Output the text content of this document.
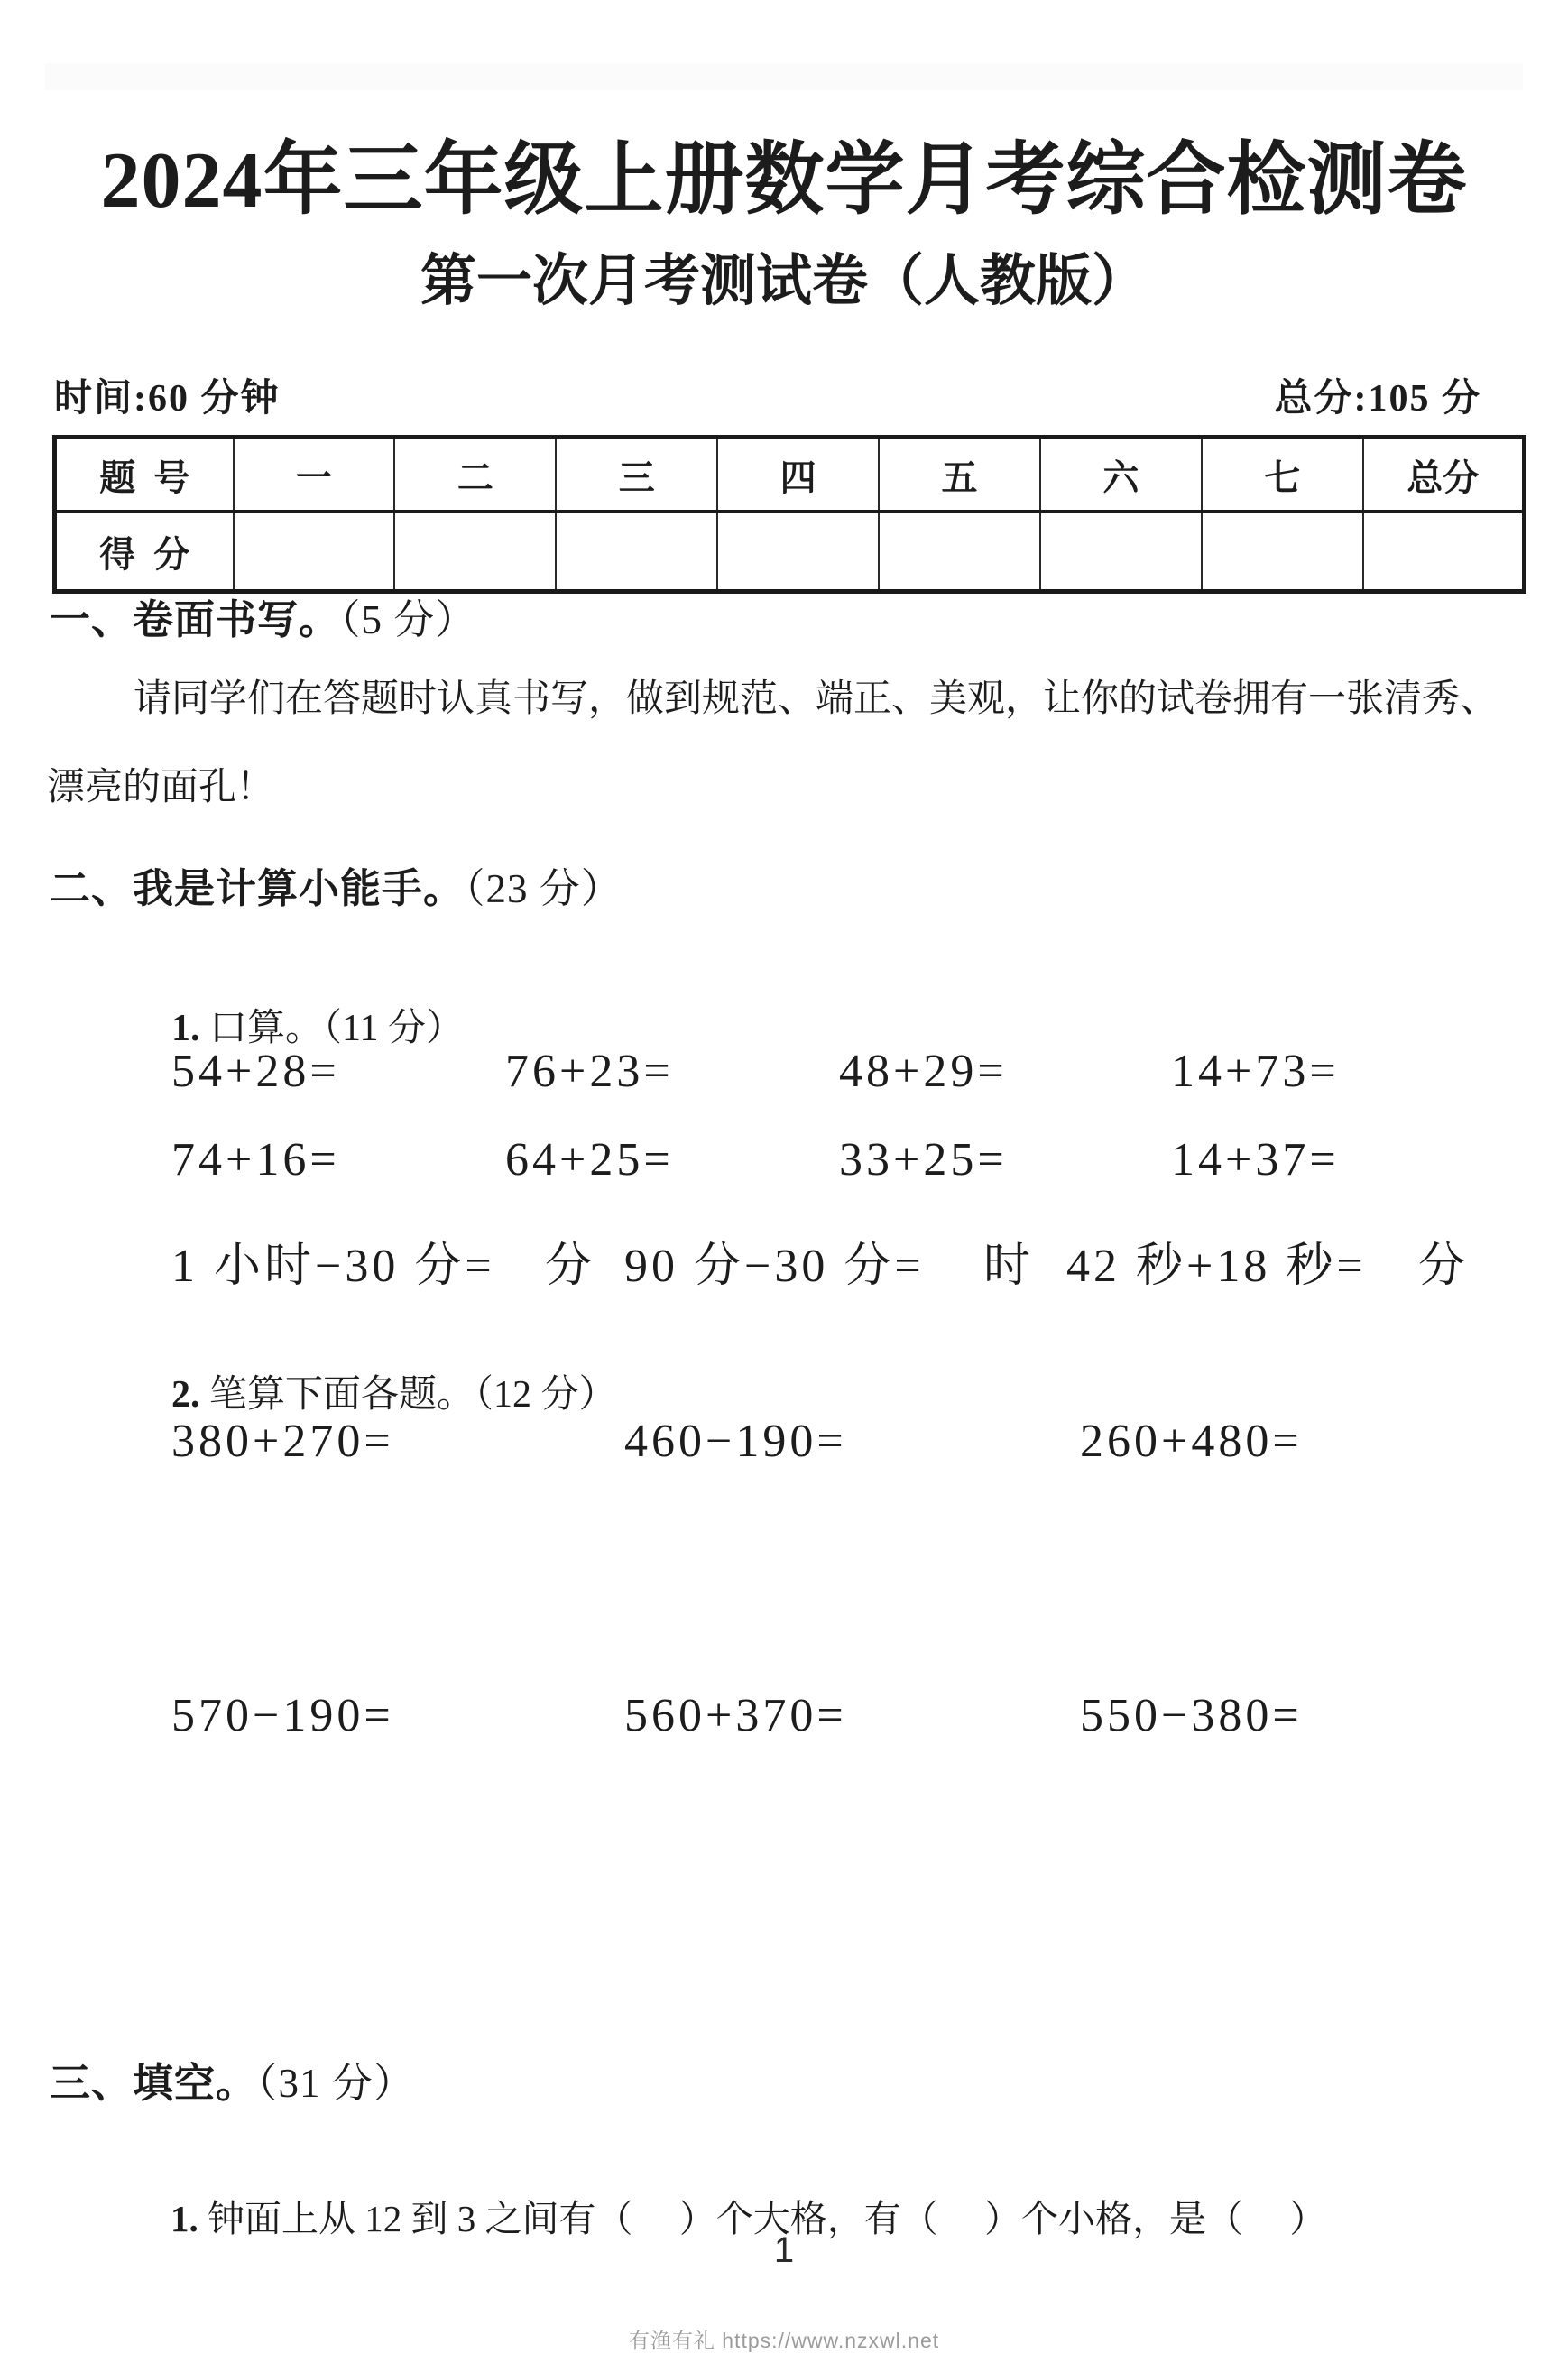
2024年三年级上册数学月考综合检测卷
第一次月考测试卷（人教版）
时间:60 分钟	总分:105 分
题  号	一	二	三	四	五	六	七	总分
得  分								
一、卷面书写。（5 分）
请同学们在答题时认真书写，做到规范、端正、美观，让你的试卷拥有一张清秀、
漂亮的面孔！
二、我是计算小能手。（23 分）

1. 口算。（11 分）

54+28=	76+23=	48+29=	14+73=
74+16=	64+25=	33+25=	14+37=
1 小时−30 分= 分 90 分−30 分= 时 42 秒+18 秒= 分

2. 笔算下面各题。（12 分）

380+270=	460−190=	260+480=
570−190=	560+370=	550−380=
三、填空。（31 分）

1. 钟面上从 12 到 3 之间有（     ）个大格，有（     ）个小格，是（     ）

1
有渔有礼 https://www.nzxwl.net
